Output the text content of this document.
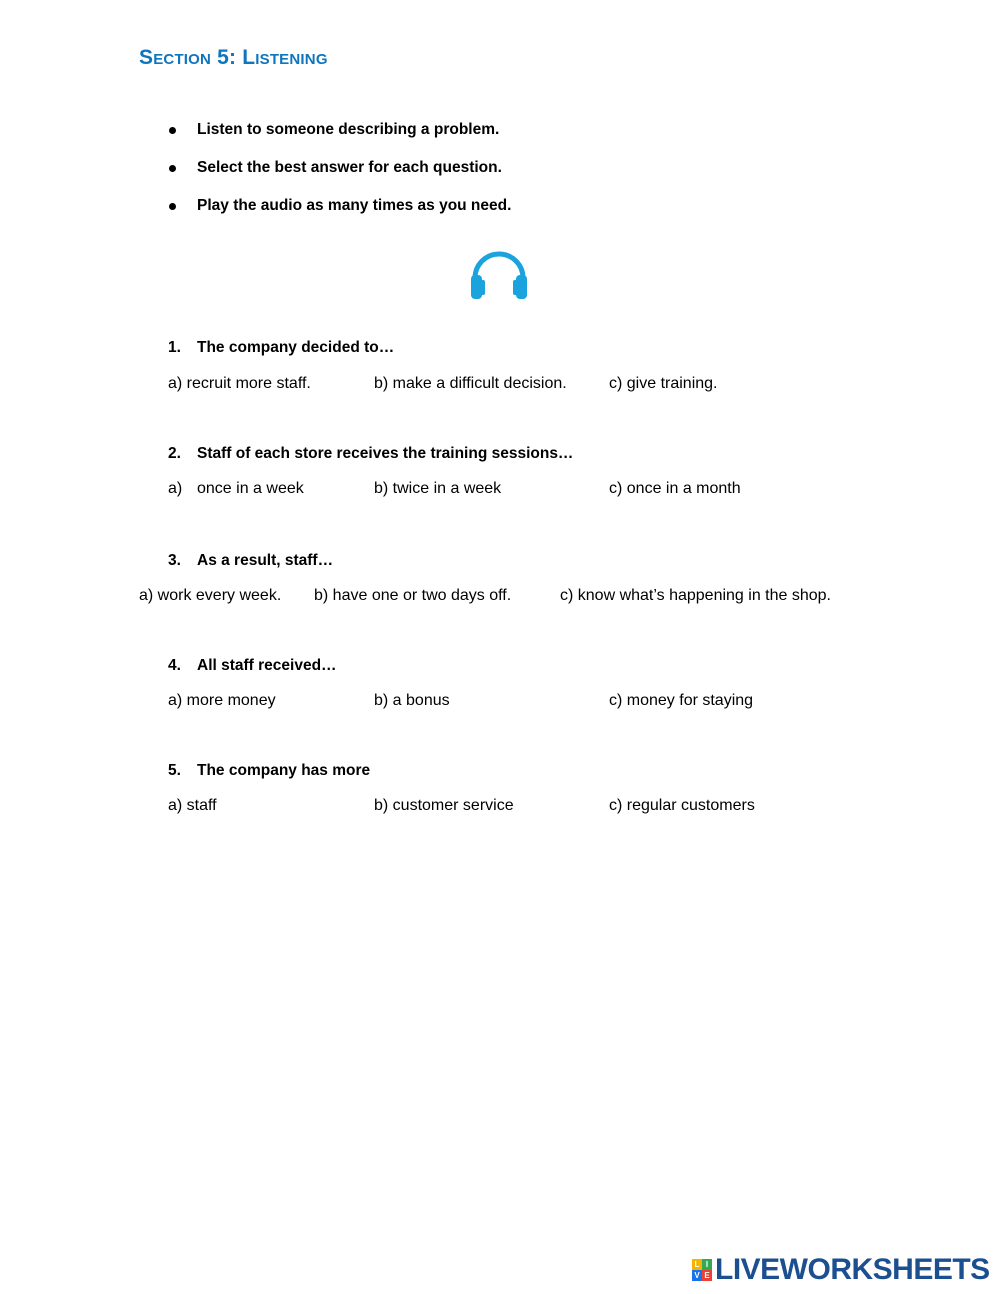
Section 5: Listening
Listen to someone describing a problem.
Select the best answer for each question.
Play the audio as many times as you need.
1. The company decided to…
a) recruit more staff.	b) make a difficult decision.	c) give training.
2. Staff of each store receives the training sessions…
a) once in a week	b) twice in a week	c) once in a month
3. As a result, staff…
a) work every week. b) have one or two days off.	c) know what’s happening in the shop.
4. All staff received…
a) more money	b) a bonus	c) money for staying
5. The company has more
a) staff	b) customer service	c) regular customers
L I
V E LIVEWORKSHEETS
